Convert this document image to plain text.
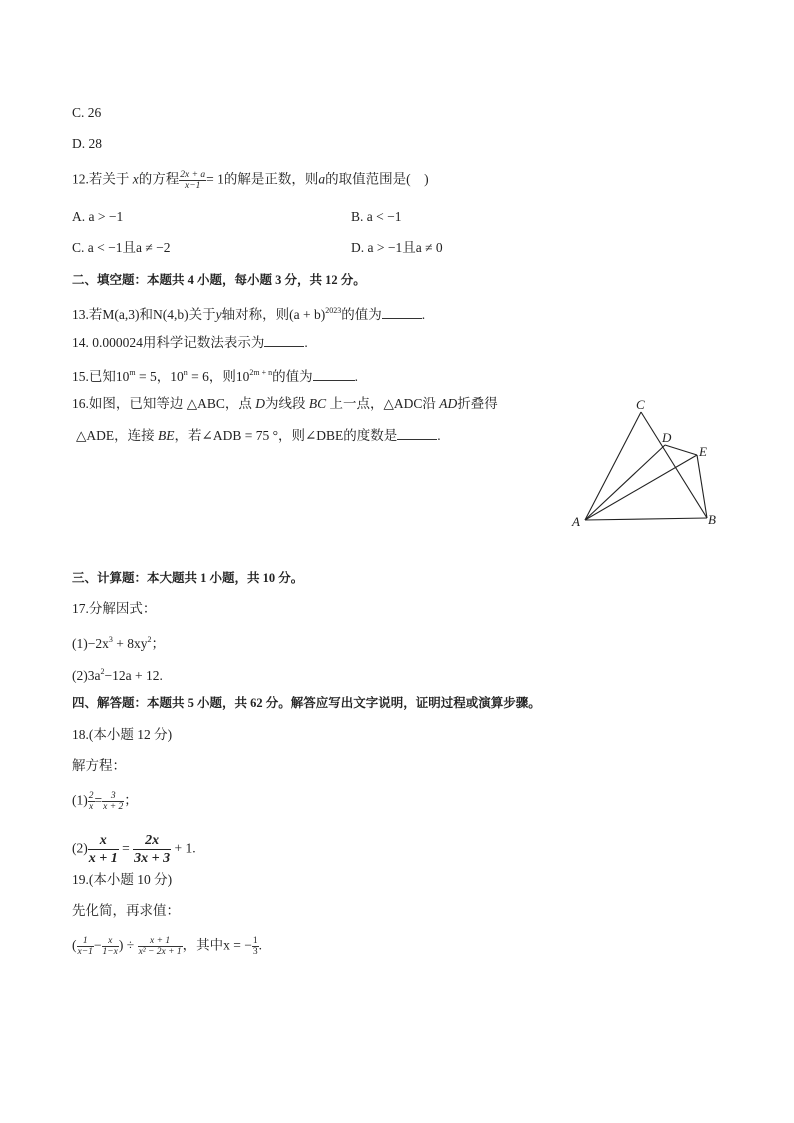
C. 26
D. 28
12.若关于 x的方程 $\frac{2x + a}{x-1} = 1$的解是正数，则a的取值范围是(　)
A. a > −1	B. a < −1
C. a < −1且a ≠ −2	D. a > −1且a ≠ 0
二、填空题：本题共 4 小题，每小题 3 分，共 12 分。
13.若M(a,3)和N(4,b)关于y轴对称，则$(a + b)^{2023}$的值为	.
14. 0.000024用科学记数法表示为	.
15.已知$10^m = 5$，$10^n = 6$，则$10^{2m + n}$的值为	.
16.如图，已知等边 △ABC，点 D为线段 BC 上一点，△ADC沿 AD折叠得
△ADE，连接 BE，若∠ADB = 75 °，则∠DBE的度数是	.
C
D
E
A	B
三、计算题：本大题共 1 小题，共 10 分。
17.分解因式：
$(1)-2x^3 + 8xy^2$；
$(2)3a^2-12a + 12$.
四、解答题：本题共 5 小题，共 62 分。解答应写出文字说明，证明过程或演算步骤。
18.(本小题 12 分)
解方程：
$(1) \frac{2}{x} = \frac{3}{x + 2}$ ；
$(2) \frac{x}{x + 1} = \frac{2x}{3x + 3} + 1$.
19.(本小题 10 分)
先化简，再求值：
( $\frac{1}{x-1} - \frac{x}{1-x}$ ) ÷ $\frac{x + 1}{\text{x² − 2x + 1}}$ ，其中x = − $\frac{1}{3}$ .
